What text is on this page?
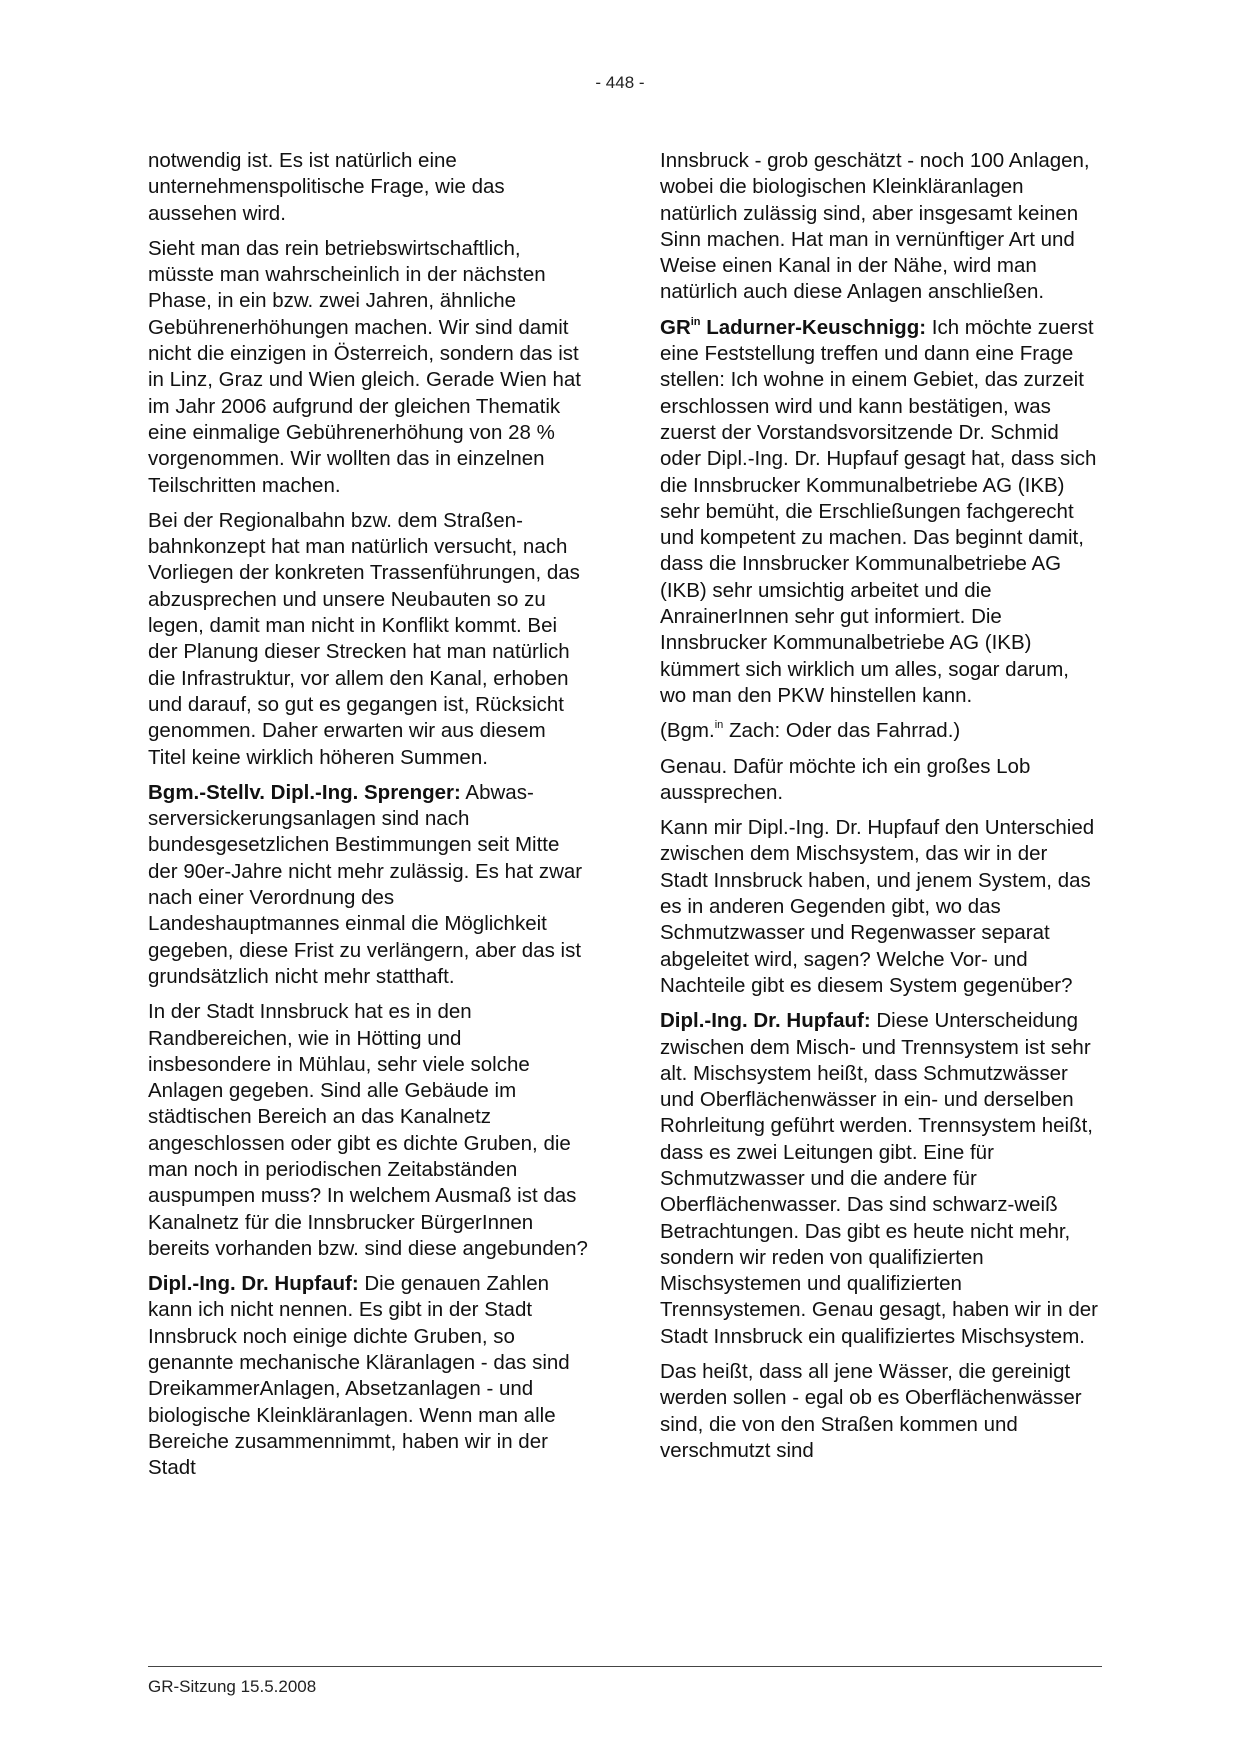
- 448 -

notwendig ist. Es ist natürlich eine unternehmenspolitische Frage, wie das aussehen wird.

Sieht man das rein betriebswirtschaftlich, müsste man wahrscheinlich in der nächsten Phase, in ein bzw. zwei Jahren, ähnliche Gebührenerhöhungen machen. Wir sind damit nicht die einzigen in Österreich, sondern das ist in Linz, Graz und Wien gleich. Gerade Wien hat im Jahr 2006 aufgrund der gleichen Thematik eine einmalige Gebührenerhöhung von 28 % vorgenommen. Wir wollten das in einzelnen Teilschritten machen.

Bei der Regionalbahn bzw. dem Straßenbahnkonzept hat man natürlich versucht, nach Vorliegen der konkreten Trassenführungen, das abzusprechen und unsere Neubauten so zu legen, damit man nicht in Konflikt kommt. Bei der Planung dieser Strecken hat man natürlich die Infrastruktur, vor allem den Kanal, erhoben und darauf, so gut es gegangen ist, Rücksicht genommen. Daher erwarten wir aus diesem Titel keine wirklich höheren Summen.

Bgm.-Stellv. Dipl.-Ing. Sprenger: Abwasserversickerungsanlagen sind nach bundesgesetzlichen Bestimmungen seit Mitte der 90er-Jahre nicht mehr zulässig. Es hat zwar nach einer Verordnung des Landeshauptmannes einmal die Möglichkeit gegeben, diese Frist zu verlängern, aber das ist grundsätzlich nicht mehr statthaft.

In der Stadt Innsbruck hat es in den Randbereichen, wie in Hötting und insbesondere in Mühlau, sehr viele solche Anlagen gegeben. Sind alle Gebäude im städtischen Bereich an das Kanalnetz angeschlossen oder gibt es dichte Gruben, die man noch in periodischen Zeitabständen auspumpen muss? In welchem Ausmaß ist das Kanalnetz für die Innsbrucker BürgerInnen bereits vorhanden bzw. sind diese angebunden?

Dipl.-Ing. Dr. Hupfauf: Die genauen Zahlen kann ich nicht nennen. Es gibt in der Stadt Innsbruck noch einige dichte Gruben, so genannte mechanische Kläranlagen - das sind DreikammerAnlagen, Absetzanlagen - und biologische Kleinkläranlagen. Wenn man alle Bereiche zusammennimmt, haben wir in der Stadt

Innsbruck - grob geschätzt - noch 100 Anlagen, wobei die biologischen Kleinkläranlagen natürlich zulässig sind, aber insgesamt keinen Sinn machen. Hat man in vernünftiger Art und Weise einen Kanal in der Nähe, wird man natürlich auch diese Anlagen anschließen.

$GR^{in}$ Ladurner-Keuschnigg: Ich möchte zuerst eine Feststellung treffen und dann eine Frage stellen: Ich wohne in einem Gebiet, das zurzeit erschlossen wird und kann bestätigen, was zuerst der Vorstandsvorsitzende Dr. Schmid oder Dipl.-Ing. Dr. Hupfauf gesagt hat, dass sich die Innsbrucker Kommunalbetriebe AG (IKB) sehr bemüht, die Erschließungen fachgerecht und kompetent zu machen. Das beginnt damit, dass die Innsbrucker Kommunalbetriebe AG (IKB) sehr umsichtig arbeitet und die AnrainerInnen sehr gut informiert. Die Innsbrucker Kommunalbetriebe AG (IKB) kümmert sich wirklich um alles, sogar darum, wo man den PKW hinstellen kann.

(Bgm.$^{in}$ Zach: Oder das Fahrrad.)

Genau. Dafür möchte ich ein großes Lob aussprechen.

Kann mir Dipl.-Ing. Dr. Hupfauf den Unterschied zwischen dem Mischsystem, das wir in der Stadt Innsbruck haben, und jenem System, das es in anderen Gegenden gibt, wo das Schmutzwasser und Regenwasser separat abgeleitet wird, sagen? Welche Vor- und Nachteile gibt es diesem System gegenüber?

Dipl.-Ing. Dr. Hupfauf: Diese Unterscheidung zwischen dem Misch- und Trennsystem ist sehr alt. Mischsystem heißt, dass Schmutzwässer und Oberflächenwässer in ein- und derselben Rohrleitung geführt werden. Trennsystem heißt, dass es zwei Leitungen gibt. Eine für Schmutzwasser und die andere für Oberflächenwasser. Das sind schwarz-weiß Betrachtungen. Das gibt es heute nicht mehr, sondern wir reden von qualifizierten Mischsystemen und qualifizierten Trennsystemen. Genau gesagt, haben wir in der Stadt Innsbruck ein qualifiziertes Mischsystem.

Das heißt, dass all jene Wässer, die gereinigt werden sollen - egal ob es Oberflächenwässer sind, die von den Straßen kommen und verschmutzt sind

GR-Sitzung 15.5.2008
